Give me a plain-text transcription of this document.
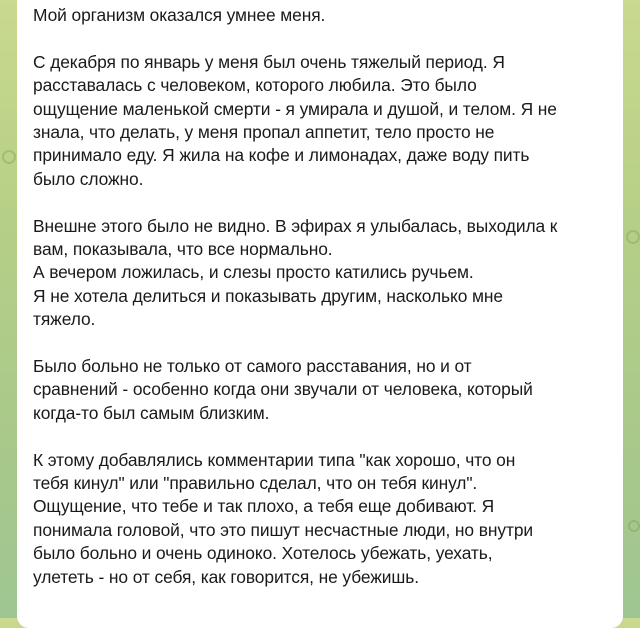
Мой организм оказался умнее меня.
С декабря по январь у меня был очень тяжелый период. Я
расставалась с человеком, которого любила. Это было
ощущение маленькой смерти - я умирала и душой, и телом. Я не
знала, что делать, у меня пропал аппетит, тело просто не
принимало еду. Я жила на кофе и лимонадах, даже воду пить
было сложно.
Внешне этого было не видно. В эфирах я улыбалась, выходила к
вам, показывала, что все нормально.
А вечером ложилась, и слезы просто катились ручьем.
Я не хотела делиться и показывать другим, насколько мне
тяжело.
Было больно не только от самого расставания, но и от
сравнений - особенно когда они звучали от человека, который
когда-то был самым близким.
К этому добавлялись комментарии типа "как хорошо, что он
тебя кинул" или "правильно сделал, что он тебя кинул".
Ощущение, что тебе и так плохо, а тебя еще добивают. Я
понимала головой, что это пишут несчастные люди, но внутри
было больно и очень одиноко. Хотелось убежать, уехать,
улететь - но от себя, как говорится, не убежишь.
